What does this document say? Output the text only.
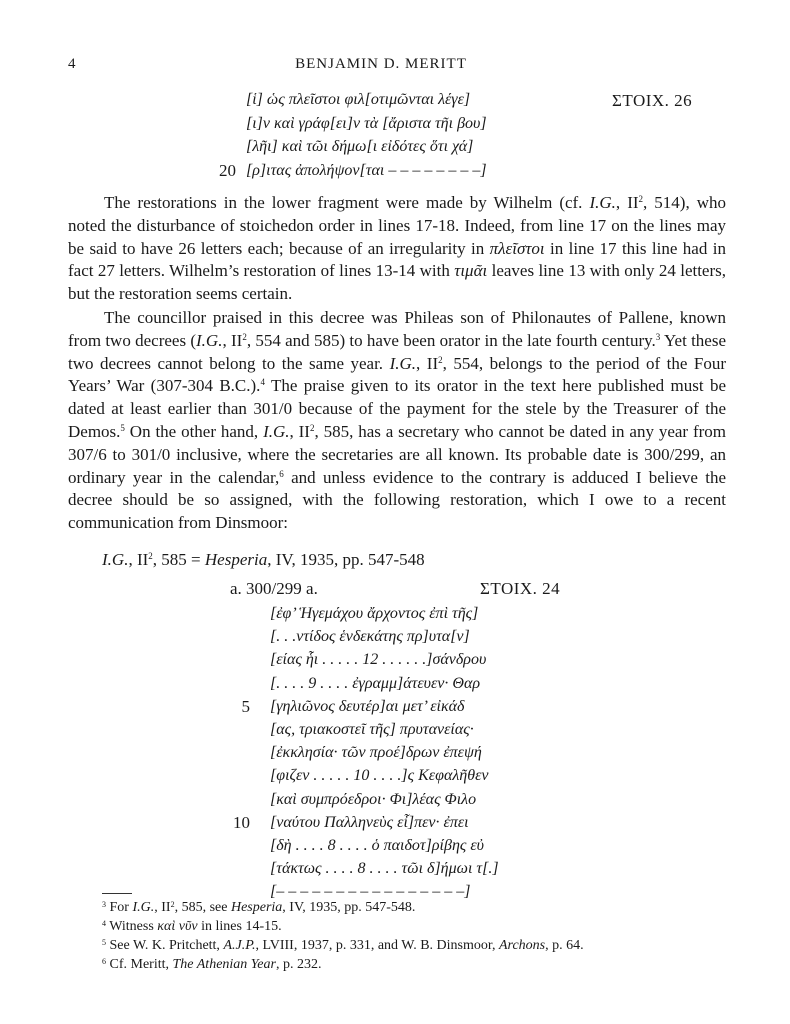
4	BENJAMIN D. MERITT
ΣΤΟΙΧ. 26
[ἱ] ὡς πλεῖστοι φιλ[οτιμῶνται λέγε]
[ι]ν καὶ γράφ[ει]ν τὰ [ἄριστα τῆι βου]
[λῆι] καὶ τῶι δήμω[ι εἰδότες ὅτι χά]
20 [ρ]ιτας ἀπολήψον[ται – – – – – – – –]

The restorations in the lower fragment were made by Wilhelm (cf. I.G., $II^2$, 514), who noted the disturbance of stoichedon order in lines 17-18. Indeed, from line 17 on the lines may be said to have 26 letters each; because of an irregularity in πλεῖστοι in line 17 this line had in fact 27 letters. Wilhelm’s restoration of lines 13-14 with τιμᾶι leaves line 13 with only 24 letters, but the restoration seems certain.

The councillor praised in this decree was Phileas son of Philonautes of Pallene, known from two decrees (I.G., $II^2$, 554 and 585) to have been orator in the late fourth century.$^3$ Yet these two decrees cannot belong to the same year. I.G., $II^2$, 554, belongs to the period of the Four Years’ War (307-304 B.C.).$^4$ The praise given to its orator in the text here published must be dated at least earlier than 301/0 because of the payment for the stele by the Treasurer of the Demos.$^5$ On the other hand, I.G., $II^2$, 585, has a secretary who cannot be dated in any year from 307/6 to 301/0 inclusive, where the secretaries are all known. Its probable date is 300/299, an ordinary year in the calendar,$^6$ and unless evidence to the contrary is adduced I believe the decree should be so assigned, with the following restoration, which I owe to a recent communication from Dinsmoor:

I.G., $II^2$, 585 = Hesperia, IV, 1935, pp. 547-548
a. 300/299 a.	ΣΤΟΙΧ. 24
[ἐφ’ Ἡγεμάχου ἄρχοντος ἐπὶ τῆς]
[. . .ντίδος ἑνδεκάτης πρ]υτα[ν]
[είας ἧι . . . . . 12 . . . . . .]σάνδρου
[. . . . 9 . . . . ἐγραμμ]άτευεν· Θαρ
5 [γηλιῶνος δευτέρ]αι μετ’ εἰκάδ
[ας, τριακοστεῖ τῆς] πρυτανείας·
[ἐκκλησία· τῶν προέ]δρων ἐπεψή
[φιζεν . . . . . 10 . . . .]ς Κεφαλῆθεν
[καὶ συμπρόεδροι· Φι]λέας Φιλο
10 [ναύτου Παλληνεὺς εἶ]πεν· ἐπει
[δὴ . . . . 8 . . . . ὁ παιδοτ]ρίβης εὐ
[τάκτως . . . . 8 . . . . τῶι δ]ήμωι τ[.]
[– – – – – – – – – – – – – – – –]
$^3$ For I.G., $II^2$, 585, see Hesperia, IV, 1935, pp. 547-548.
$^4$ Witness καὶ νῦν in lines 14-15.
$^5$ See W. K. Pritchett, A.J.P., LVIII, 1937, p. 331, and W. B. Dinsmoor, Archons, p. 64.
$^6$ Cf. Meritt, The Athenian Year, p. 232.
